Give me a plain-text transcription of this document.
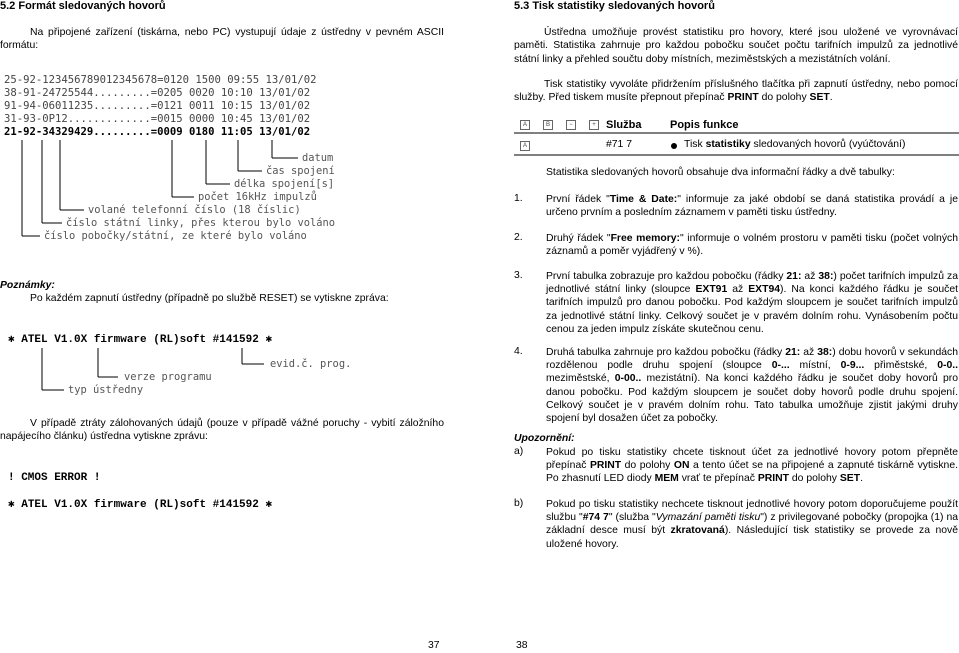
5.2 Formát sledovaných hovorů
Na připojené zařízení (tiskárna, nebo PC) vystupují údaje z ústředny v pevném ASCII formátu:
25-92-12345678901234567‌8=0120 1500 09:55 13/01/02
38-91-24725544.........=0205 0020 10:10 13/01/02
91-94-06011235.........=0121 0011 10:15 13/01/02
31-93-0P12.............=0015 0000 10:45 13/01/02
21-92-34329429.........=0009 0180 11:05 13/01/02
datum
čas spojení
délka spojení[s]
počet 16kHz impulzů
volané telefonní číslo (18 číslic)
číslo státní linky, přes kterou bylo voláno
číslo pobočky/státní, ze které bylo voláno
Poznámky:
Po každém zapnutí ústředny (případně po službě RESET) se vytiskne zpráva:
✱ ATEL V1.0X firmware (RL)soft #141592 ✱
evid.č. prog.
verze programu
typ ústředny
V případě ztráty zálohovaných údajů (pouze v případě vážné poruchy - vybití záložního napájecího článku) ústředna vytiskne zprávu:
! CMOS ERROR !
✱ ATEL V1.0X firmware (RL)soft #141592 ✱
37
5.3 Tisk statistiky sledovaných hovorů
Ústředna umožňuje provést statistiku pro hovory, které jsou uložené ve vyrovnávací paměti. Statistika zahrnuje pro každou pobočku součet počtu tarifních impulzů za jednotlivé státní linky a přehled součtu doby místních, meziměstských a mezistátních volání.
Tisk statistiky vyvoláte přidržením příslušného tlačítka při zapnutí ústředny, nebo pomocí služby. Před tiskem musíte přepnout přepínač PRINT do polohy SET.
A	B	−	+ Služba	Popis funkce
A	#71 7	Tisk statistiky sledovaných hovorů (vyúčtování)
Statistika sledovaných hovorů obsahuje dva informační řádky a dvě tabulky:
1. První řádek "Time & Date:" informuje za jaké období se daná statistika provádí a je určeno prvním a posledním záznamem v paměti tisku ústředny.
2. Druhý řádek "Free memory:" informuje o volném prostoru v paměti tisku (počet volných záznamů a poměr vyjádřený v %).
3. První tabulka zobrazuje pro každou pobočku (řádky 21: až 38:) počet tarifních impulzů za jednotlivé státní linky (sloupce EXT91 až EXT94). Na konci každého řádku je součet tarifních impulzů pro danou pobočku. Pod každým sloupcem je součet tarifních impulzů za jednotlivé státní linky. Celkový součet je v pravém dolním rohu. Vynásobením počtu cenou za jeden impulz získáte skutečnou cenu.
4. Druhá tabulka zahrnuje pro každou pobočku (řádky 21: až 38:) dobu hovorů v sekundách rozdělenou podle druhu spojení (sloupce 0-... místní, 0-9... přiměstské, 0-0.. meziměstské, 0-00.. mezistátní). Na konci každého řádku je součet doby hovorů pro danou pobočku. Pod každým sloupcem je součet doby hovorů podle druhu spojení. Celkový součet je v pravém dolním rohu. Tato tabulka umožňuje zjistit jakými druhy spojení byl dosažen účet za pobočky.
Upozornění:
a) Pokud po tisku statistiky chcete tisknout účet za jednotlivé hovory potom přepněte přepínač PRINT do polohy ON a tento účet se na připojené a zapnuté tiskárně vytiskne. Po zhasnutí LED diody MEM vrať te přepínač PRINT do polohy SET.
b) Pokud po tisku statistiky nechcete tisknout jednotlivé hovory potom doporučujeme použít službu "#74 7" (služba "Vymazání paměti tisku") z privilegované pobočky (propojka (1) na základní desce musí být zkratovaná). Následující tisk statistiky se provede za nově uložené hovory.
38
